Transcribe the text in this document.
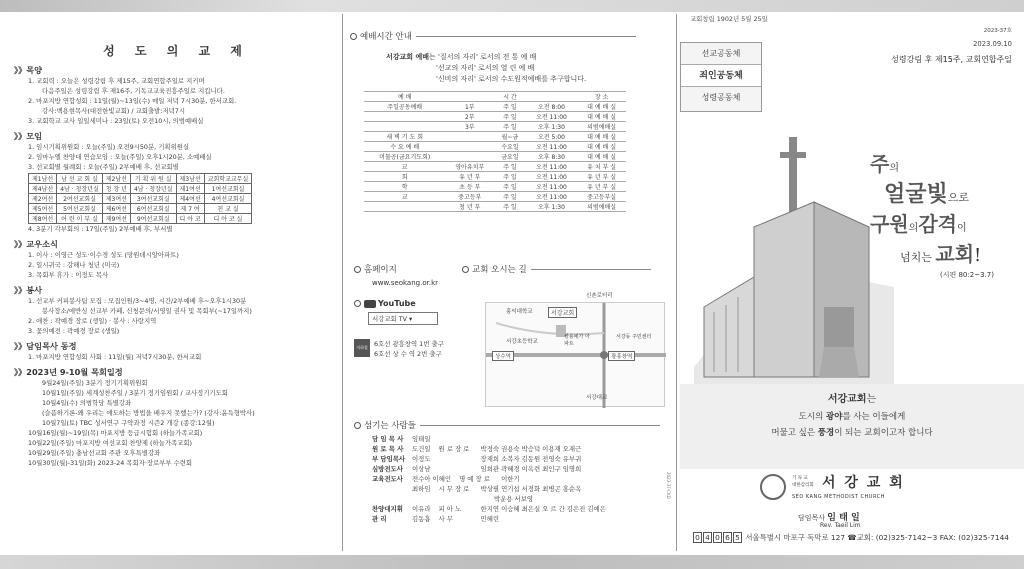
성 도 의 교 제
》》목양
1. 교회력 : 오늘은 성령강림 후 제15주, 교회연합주일로 지키며
다음주일은 성령강림 후 제16주, 기독교교육진흥주일로 지킵니다.
2. 마포지방 연합성회 : 11일(월)~13일(수) 매일 저녁 7시30분, 한서교회.
강사:백용현목사(대전한빛교회) / 교회출발:저녁7시
3. 교회학교 교사 일일세미나 : 23일(토) 오전10시, 의범예배실
》》모임
1. 임시기획위원회 : 오늘(주일) 오전9시50분, 기획위원실
2. 임마누엘 찬양대 연습모임 : 오늘(주일) 오후1시20분, 소예배실
3. 선교회별 월례회 : 오늘(주일) 2부예배 후, 선교회별
제1남선	남 선 교 회 실	제2남선	기 획 위 원 실	제3남선	교회학교교무실
제4남선	4남 · 청장년실	청 장 년	4남 · 청장년실	제1여선	1여선교회실
제2여선	2여선교회실	제3여선	3여선교회실	제4여선	4여선교회실
제5여선	5여선교회실	제6여선	6여선교회실	제 7 여	친 교 실
제8여선	어 린 이 부 실	제9여선	9여선교회실	디 아 코	디 아 코 실
4. 3분기 각부회의 : 17일(주일) 2부예배 후, 부서별
》》교우소식
1. 이사 : 이영근 성도·이수경 성도 (망원데시앙아파트)
2. 일시귀국 : 강해나 청년 (미국)
3. 목회부 휴가 : 이정도 목사
》》봉사
1. 선교부 커피봉사팀 모집 : 모집인원/3~4명, 시간/2부예배 후~오후1시30분
봉사장소/에반싱 선교부 카페, 신청문의/서영일 권사 및 목회부(~17일까지)
2. 애찬 : 곽예경 장로 (생일) · 봉사 : 사랑지역
3. 꽃의예전 : 곽예경 장로 (생일)
》》담임목사 동정
1. 마포지방 연합성회 사회 : 11일(월) 저녁7시30분, 한서교회
》》2023년 9-10월 목회일정
9월24일(주일) 3분기 정기기획위원회
10월1일(주일) 세계성찬주일 / 3분기 정기임원회 / 교사정기기도회
10월4일(수) 의범학당 특별강좌
(슬픔하기론-왜 우리는 애도하는 방법을 배우지 못했는가? (강사:윤득형박사)
10월7일(토) TBC 성서연구 구약과정 시즌2 개강 (종강:12월)
10월16일(월)~19일(목) 마포지방 등급시험회 (하늘가족교회)
10월22일(주일) 마포지방 여선교회 찬양제 (하늘가족교회)
10월29일(주일) 충남선교회 주관 오후특별강좌
10월30일(월)-31일(화) 2023-24 목회자·장로부부 수련회
예배시간 안내
서강교회 예배는 '질서의 자리' 로서의 전 통 예 배
'선교의 자리' 로서의 열 린 예 배
'신비의 자리' 로서의 수도원적예배를 추구합니다.
예 배		시 간		장 소
주일공동예배	1부	주 일	오전 8:00	대 예 배 실
	2부	주 일	오전 11:00	대 예 배 실
	3부	주 일	오후 1:30	의범예배실
새 벽 기 도 회		월~금	오전 5:00	대 예 배 실
수 요 예 배		수요일	오전 11:00	대 예 배 실
머물공(금요기도회)		금요일	오후 8:30	대 예 배 실
교	영아유치부	주 일	오전 11:00	유 치 부 실
회	유 년 부	주 일	오전 11:00	유 년 부 실
학	초 등 부	주 일	오전 11:00	유 년 부 실
교	중고등부	주 일	오전 11:00	중고등부실
	청 년 부	주 일	오후 1:30	의범예배실
홈페이지
www.seokang.or.kr
YouTube
서강교회 TV ▾
지하철 6호선 광흥창역 1번 출구
6호선 상 수 역 2번 출구
교회 오시는 길
신촌로터리
홍익대학교	서강교회
서강초등학교
쌍용예가 아파트
서강동 주민센터
상수역	광흥창역
서강대교
섬기는 사람들
담 임 목 사 임태일
원 로 목 사 도건일 원 로 장 로 박정숙 권용숙 박승덕 이용재 오재근
부 담임목사 이정도	장재희 소복자 김동원 전영숙 유부귀
심방전도사 이상남	임희관 곽혜경 이옥련 최인구 임명희
교육전도사 전수아 이혜인 명 예 장 로 이한기
최하임 시 무 장 로 박상필 연기섭 서정화 최병곤 홍순옥
박운용 서보영
찬양대지휘 이유라 피 아 노	한지연 이승혜 최은실 오 르 간 김은진 김예은
관 리	김동흡 사 무	민혜린
2023-37-CKD
교회창립 1902년 5월 25일
2023-37호
2023.09.10
성령강림 후 제15주, 교회연합주일
선교공동체
죄인공동체
성령공동체
주의
얼굴빛으로
구원의감격이
넘치는 교회!
(시편 80:2~3.7)
서강교회는
도시의 광야를 사는 이들에게
머물고 싶은 풍경이 되는 교회이고자 합니다
기 독 교
대한감리회 서 강 교 회
SEO KANG METHODIST CHURCH
담임목사 임 태 일
Rev. Taeil Lim
0 4 0 6 5 서울특별시 마포구 독막로 127 ☎교회: (02)325-7142~3 FAX: (02)325-7144
